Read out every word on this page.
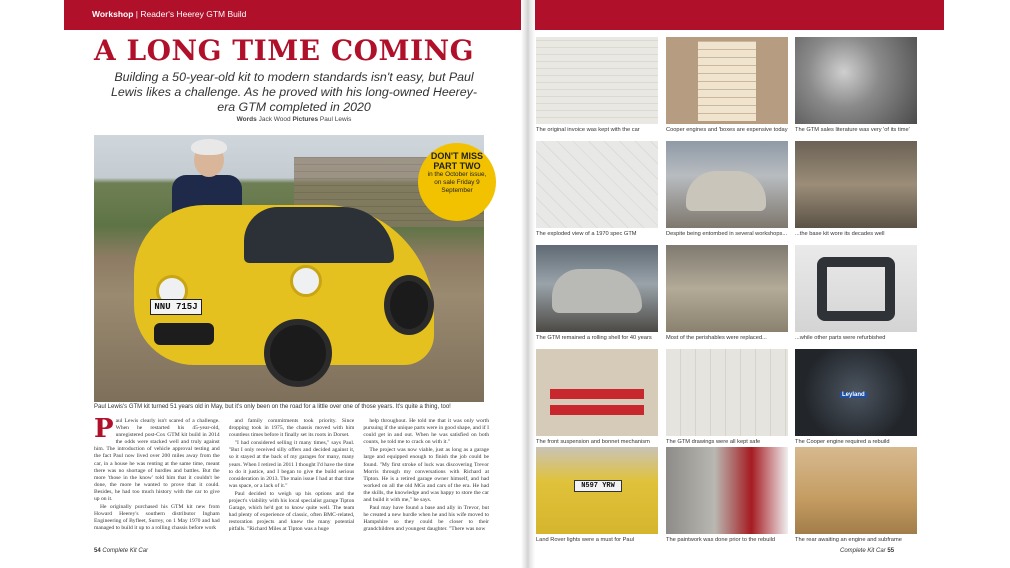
Workshop | Reader's Heerey GTM Build
A LONG TIME COMING
Building a 50-year-old kit to modern standards isn't easy, but Paul Lewis likes a challenge. As he proved with his long-owned Heerey-era GTM completed in 2020
Words Jack Wood Pictures Paul Lewis
NNU 715J
DON'T MISS PART TWO
in the October issue, on sale Friday 9 September
Paul Lewis's GTM kit turned 51 years old in May, but it's only been on the road for a little over one of those years. It's quite a thing, too!

Paul Lewis clearly isn't scared of a challenge. When he restarted his 45-year-old, unregistered post-Cox GTM kit build in 2014 the odds were stacked well and truly against him. The introduction of vehicle approval testing and the fact Paul now lived over 200 miles away from the car, in a house he was renting at the same time, meant there was no shortage of hurdles and battles. But the more 'those in the know' told him that it couldn't be done, the more he wanted to prove that it could. Besides, he had too much history with the car to give up on it.

He originally purchased his GTM kit new from Howard Heerey's southern distributor Ingham Engineering of Byfleet, Surrey, on 1 May 1970 and had managed to build it up to a rolling chassis before work

and family commitments took priority. Since dropping took in 1975, the chassis moved with him countless times before it finally set its roots in Dorset.

"I had considered selling it many times," says Paul. "But I only received silly offers and decided against it, so it stayed at the back of my garages for many, many years. When I retired in 2011 I thought I'd have the time to do it justice, and I began to give the build serious consideration in 2013. The main issue I had at that time was space, or a lack of it."

Paul decided to weigh up his options and the project's viability with his local specialist garage Tipton Garage, which he'd got to know quite well. The team had plenty of experience of classic, often BMC-related, restoration projects and knew the many potential pitfalls. "Richard Miles at Tipton was a huge

help throughout. He told me that it was only worth pursuing if the unique parts were in good shape, and if I could get in and out. When he was satisfied on both counts, he told me to crack on with it."

The project was now viable, just as long as a garage large and equipped enough to finish the job could be found. "My first stroke of luck was discovering Trevor Morris through my conversations with Richard at Tipton. He is a retired garage owner himself, and had worked on all the old MGs and cars of the era. He had the skills, the knowledge and was happy to store the car and build it with me," he says.

Paul may have found a base and ally in Trevor, but he created a new hurdle when he and his wife moved to Hampshire so they could be closer to their grandchildren and youngest daughter. "There was now

54 Complete Kit Car	Complete Kit Car 55
The original invoice was kept with the car	Cooper engines and 'boxes are expensive today The GTM sales literature was very 'of its time'
The exploded view of a 1970 spec GTM	Despite being entombed in several workshops... ...the base kit wore its decades well
The GTM remained a rolling shell for 40 years	Most of the perishables were replaced...	...while other parts were refurbished
The front suspension and bonnet mechanism	The GTM drawings were all kept safe	The Cooper engine required a rebuild
Land Rover lights were a must for Paul	The paintwork was done prior to the rebuild	The rear awaiting an engine and subframe
N597 YRW
Leyland
